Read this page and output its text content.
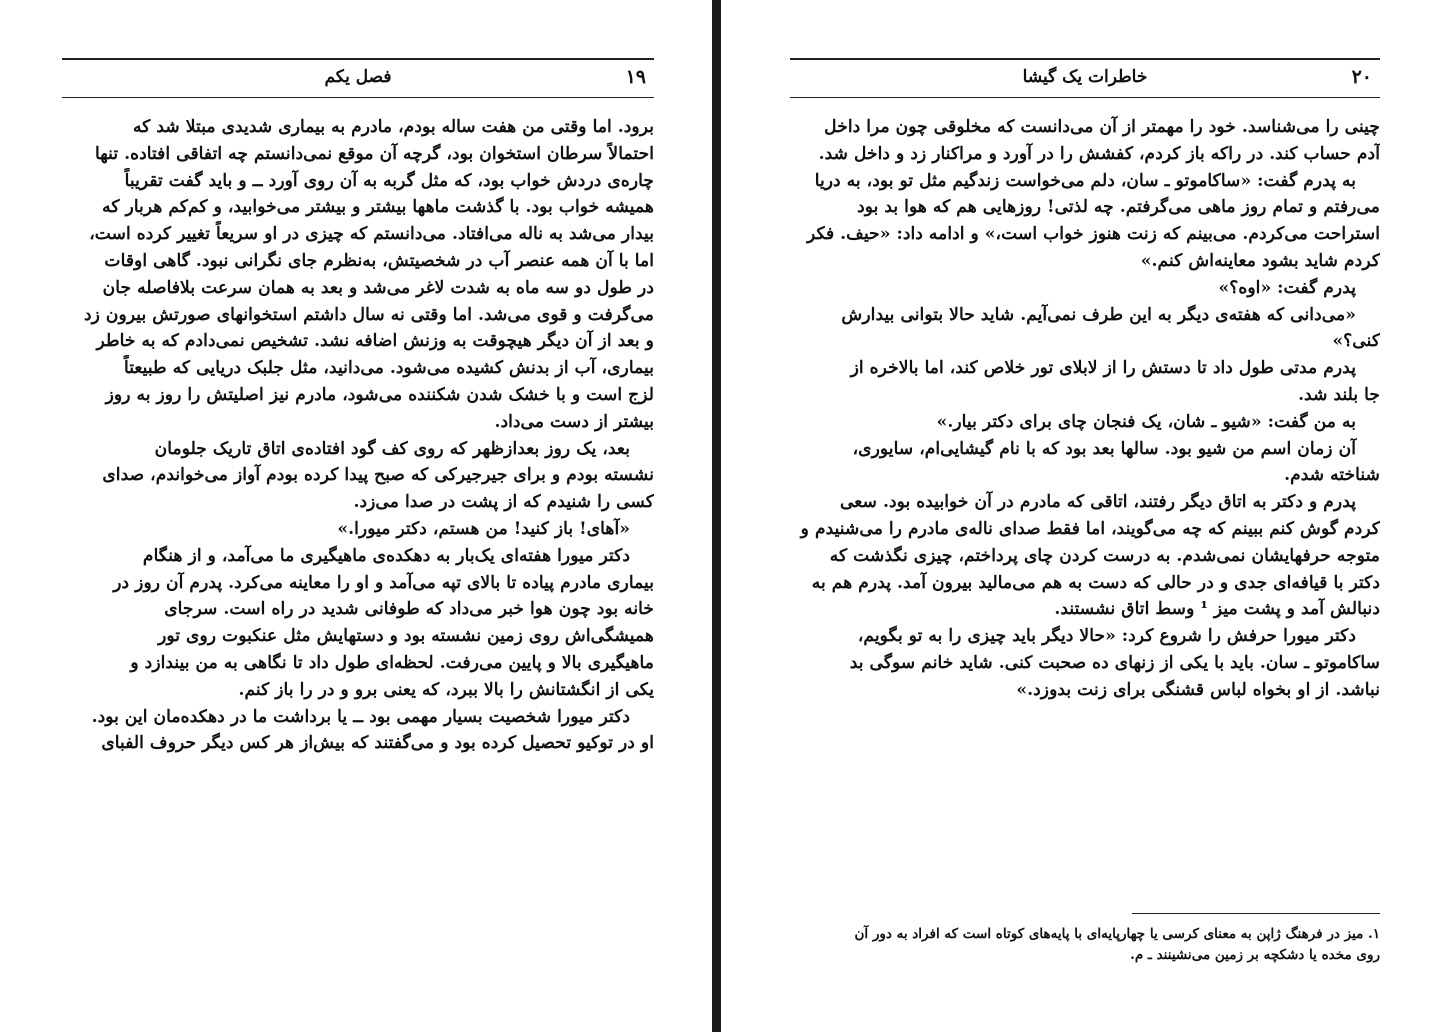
۱۹
فصل یکم
برود. اما وقتی من هفت ساله بودم، مادرم به بیماری شدیدی مبتلا شد که
احتمالاً سرطان استخوان بود، گرچه آن موقع نمی‌دانستم چه اتفاقی افتاده. تنها
چاره‌ی دردش خواب بود، که مثل گربه به آن روی آورد ــ و باید گفت تقریباً
همیشه خواب بود. با گذشت ماهها بیشتر و بیشتر می‌خوابید، و کم‌کم هربار که
بیدار می‌شد به ناله می‌افتاد. می‌دانستم که چیزی در او سریعاً تغییر کرده است،
اما با آن همه عنصر آب در شخصیتش، به‌نظرم جای نگرانی نبود. گاهی اوقات
در طول دو سه ماه به شدت لاغر می‌شد و بعد به همان سرعت بلافاصله جان
می‌گرفت و قوی می‌شد. اما وقتی نه سال داشتم استخوانهای صورتش بیرون زد
و بعد از آن دیگر هیچوقت به وزنش اضافه نشد. تشخیص نمی‌دادم که به خاطر
بیماری، آب از بدنش کشیده می‌شود. می‌دانید، مثل جلبک دریایی که طبیعتاً
لزج است و با خشک شدن شکننده می‌شود، مادرم نیز اصلیتش را روز به روز
بیشتر از دست می‌داد.
بعد، یک روز بعدازظهر که روی کف گود افتاده‌ی اتاق تاریک جلومان
نشسته بودم و برای جیرجیرکی که صبح پیدا کرده بودم آواز می‌خواندم، صدای
کسی را شنیدم که از پشت در صدا می‌زد.
«آهای! باز کنید! من هستم، دکتر میورا.»
دکتر میورا هفته‌ای یک‌بار به دهکده‌ی ماهیگیری ما می‌آمد، و از هنگام
بیماری مادرم پیاده تا بالای تپه می‌آمد و او را معاینه می‌کرد. پدرم آن روز در
خانه بود چون هوا خبر می‌داد که طوفانی شدید در راه است. سرجای
همیشگی‌اش روی زمین نشسته بود و دستهایش مثل عنکبوت روی تور
ماهیگیری بالا و پایین می‌رفت. لحظه‌ای طول داد تا نگاهی به من بیندازد و
یکی از انگشتانش را بالا ببرد، که یعنی برو و در را باز کنم.
دکتر میورا شخصیت بسیار مهمی بود ــ یا برداشت ما در دهکده‌مان این بود.
او در توکیو تحصیل کرده بود و می‌گفتند که بیش‌از هر کس دیگر حروف الفبای
۲۰
خاطرات یک گیشا
چینی را می‌شناسد. خود را مهمتر از آن می‌دانست که مخلوقی چون مرا داخل
آدم حساب کند. در راکه باز کردم، کفشش را در آورد و مراکنار زد و داخل شد.
به پدرم گفت: «ساکاموتو ـ سان، دلم می‌خواست زندگیم مثل تو بود، به دریا
می‌رفتم و تمام روز ماهی می‌گرفتم. چه لذتی! روزهایی هم که هوا بد بود
استراحت می‌کردم. می‌بینم که زنت هنوز خواب است،» و ادامه داد: «حیف. فکر
کردم شاید بشود معاینه‌اش کنم.»
پدرم گفت: «اوه؟»
«می‌دانی که هفته‌ی دیگر به این طرف نمی‌آیم. شاید حالا بتوانی بیدارش
کنی؟»
پدرم مدتی طول داد تا دستش را از لابلای تور خلاص کند، اما بالاخره از
جا بلند شد.
به من گفت: «شیو ـ شان، یک فنجان چای برای دکتر بیار.»
آن زمان اسم من شیو بود. سالها بعد بود که با نام گیشایی‌ام، سایوری،
شناخته شدم.
پدرم و دکتر به اتاق دیگر رفتند، اتاقی که مادرم در آن خوابیده بود. سعی
کردم گوش کنم ببینم که چه می‌گویند، اما فقط صدای ناله‌ی مادرم را می‌شنیدم و
متوجه حرفهایشان نمی‌شدم. به درست کردن چای پرداختم، چیزی نگذشت که
دکتر با قیافه‌ای جدی و در حالی که دست به هم می‌مالید بیرون آمد. پدرم هم به
دنبالش آمد و پشت میز ¹ وسط اتاق نشستند.
دکتر میورا حرفش را شروع کرد: «حالا دیگر باید چیزی را به تو بگویم،
ساکاموتو ـ سان. باید با یکی از زنهای ده صحبت کنی. شاید خانم سوگی بد
نباشد. از او بخواه لباس قشنگی برای زنت بدوزد.»
۱. میز در فرهنگ ژاپن به معنای کرسی یا چهارپایه‌ای با پایه‌های کوتاه است که افراد به دور آن
روی مخده یا دشکچه بر زمین می‌نشینند ـ م.
